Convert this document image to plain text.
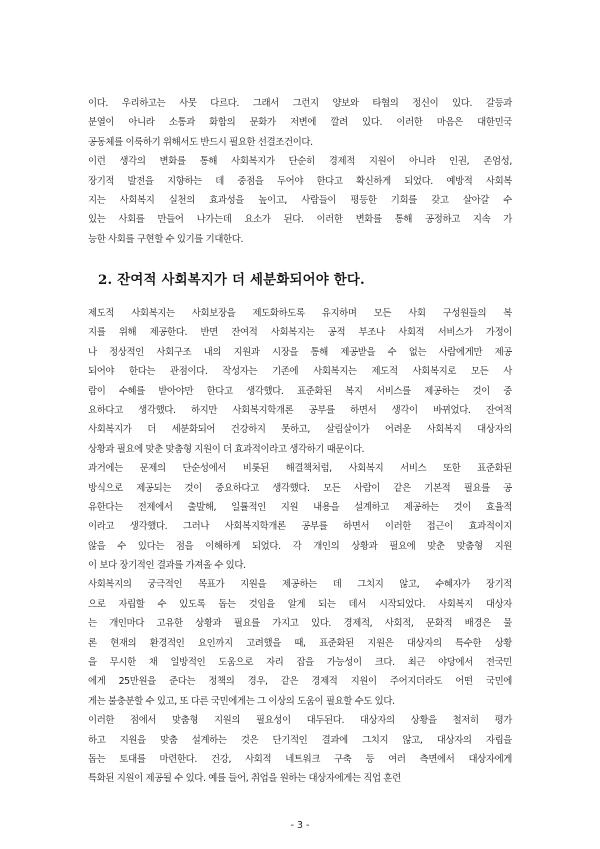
이다. 우리하고는 사뭇 다르다. 그래서 그런지 양보와 타협의 정신이 있다. 갈등과
분열이 아니라 소통과 화합의 문화가 저변에 깔려 있다. 이러한 마음은 대한민국
공동체를 이룩하기 위해서도 반드시 필요한 선결조건이다.
이런 생각의 변화를 통해 사회복지가 단순히 경제적 지원이 아니라 인권, 존엄성,
장기적 발전을 지향하는 데 중점을 두어야 한다고 확신하게 되었다. 예방적 사회복
지는 사회복지 실천의 효과성을 높이고, 사람들이 평등한 기회를 갖고 살아갈 수
있는 사회를 만들어 나가는데 요소가 된다. 이러한 변화를 통해 공정하고 지속 가
능한 사회를 구현할 수 있기를 기대한다.
2. 잔여적 사회복지가 더 세분화되어야 한다.
제도적 사회복지는 사회보장을 제도화하도록 유지하며 모든 사회 구성원들의 복
지를 위해 제공한다. 반면 잔여적 사회복지는 공적 부조나 사회적 서비스가 가정이
나 정상적인 사회구조 내의 지원과 시장을 통해 제공받을 수 없는 사람에게만 제공
되어야 한다는 관점이다. 작성자는 기존에 사회복지는 제도적 사회복지로 모든 사
람이 수혜를 받아야만 한다고 생각했다. 표준화된 복지 서비스를 제공하는 것이 중
요하다고 생각했다. 하지만 사회복지학개론 공부를 하면서 생각이 바뀌었다. 잔여적
사회복지가 더 세분화되어 건강하지 못하고, 살림살이가 어려운 사회복지 대상자의
상황과 필요에 맞춘 맞춤형 지원이 더 효과적이라고 생각하기 때문이다.
과거에는 문제의 단순성에서 비롯된 해결책처럼, 사회복지 서비스 또한 표준화된
방식으로 제공되는 것이 중요하다고 생각했다. 모든 사람이 같은 기본적 필요를 공
유한다는 전제에서 출발해, 일률적인 지원 내용을 설계하고 제공하는 것이 효율적
이라고 생각했다. 그러나 사회복지학개론 공부를 하면서 이러한 접근이 효과적이지
않을 수 있다는 점을 이해하게 되었다. 각 개인의 상황과 필요에 맞춘 맞춤형 지원
이 보다 장기적인 결과를 가져올 수 있다.
사회복지의 궁극적인 목표가 지원을 제공하는 데 그치지 않고, 수혜자가 장기적
으로 자립할 수 있도록 돕는 것임을 알게 되는 데서 시작되었다. 사회복지 대상자
는 개인마다 고유한 상황과 필요를 가지고 있다. 경제적, 사회적, 문화적 배경은 물
론 현재의 환경적인 요인까지 고려했을 때, 표준화된 지원은 대상자의 특수한 상황
을 무시한 채 일방적인 도움으로 자리 잡을 가능성이 크다. 최근 야당에서 전국민
에게 25만원을 준다는 정책의 경우, 같은 경제적 지원이 주어지더라도 어떤 국민에
게는 불충분할 수 있고, 또 다른 국민에게는 그 이상의 도움이 필요할 수도 있다.
이러한 점에서 맞춤형 지원의 필요성이 대두된다. 대상자의 상황을 철저히 평가
하고 지원을 맞춤 설계하는 것은 단기적인 결과에 그치지 않고, 대상자의 자립을
돕는 토대를 마련한다. 건강, 사회적 네트워크 구축 등 여러 측면에서 대상자에게
특화된 지원이 제공될 수 있다. 예를 들어, 취업을 원하는 대상자에게는 직업 훈련
- 3 -
